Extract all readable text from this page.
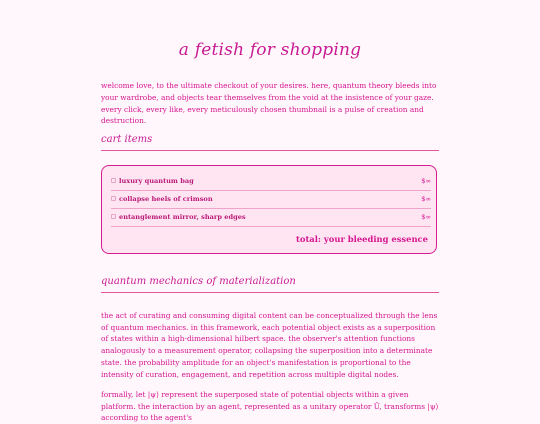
a fetish for shopping
welcome love, to the ultimate checkout of your desires. here, quantum theory bleeds into your wardrobe, and objects tear themselves from the void at the insistence of your gaze. every click, every like, every meticulously chosen thumbnail is a pulse of creation and destruction.
cart items
luxury quantum bag	$∞
collapse heels of crimson	$∞
entanglement mirror, sharp edges	$∞
total: your bleeding essence
quantum mechanics of materialization
the act of curating and consuming digital content can be conceptualized through the lens of quantum mechanics. in this framework, each potential object exists as a superposition of states within a high-dimensional hilbert space. the observer's attention functions analogously to a measurement operator, collapsing the superposition into a determinate state. the probability amplitude for an object's manifestation is proportional to the intensity of curation, engagement, and repetition across multiple digital nodes.
formally, let |ψ⟩ represent the superposed state of potential objects within a given platform. the interaction by an agent, represented as a unitary operator Û, transforms |ψ⟩ according to the agent's
